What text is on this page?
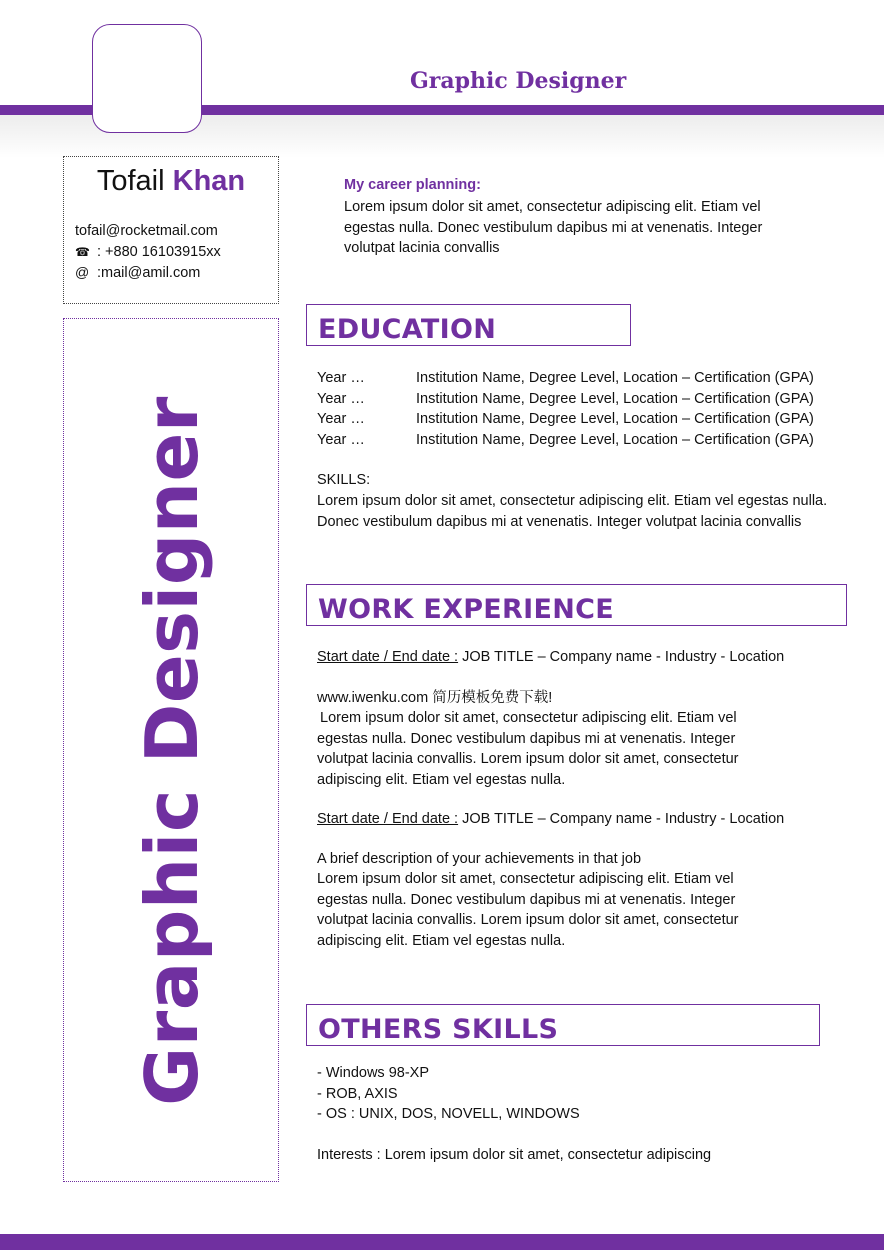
Graphic Designer
Tofail Khan
tofail@rocketmail.com
☎ : +880 16103915xx
@ :mail@amil.com
Graphic Designer
My career planning:
Lorem ipsum dolor sit amet, consectetur adipiscing elit. Etiam vel egestas nulla. Donec vestibulum dapibus mi at venenatis. Integer volutpat lacinia convallis
EDUCATION
Year …	Institution Name, Degree Level, Location – Certification (GPA)
Year …	Institution Name, Degree Level, Location – Certification (GPA)
Year …	Institution Name, Degree Level, Location – Certification (GPA)
Year …	Institution Name, Degree Level, Location – Certification (GPA)
SKILLS:
Lorem ipsum dolor sit amet, consectetur adipiscing elit. Etiam vel egestas nulla. Donec vestibulum dapibus mi at venenatis. Integer volutpat lacinia convallis
WORK EXPERIENCE
Start date / End date : JOB TITLE – Company name - Industry - Location
www.iwenku.com 简历模板免费下载!
Lorem ipsum dolor sit amet, consectetur adipiscing elit. Etiam vel egestas nulla. Donec vestibulum dapibus mi at venenatis. Integer volutpat lacinia convallis. Lorem ipsum dolor sit amet, consectetur adipiscing elit. Etiam vel egestas nulla.
Start date / End date : JOB TITLE – Company name - Industry - Location
A brief description of your achievements in that job
Lorem ipsum dolor sit amet, consectetur adipiscing elit. Etiam vel egestas nulla. Donec vestibulum dapibus mi at venenatis. Integer volutpat lacinia convallis. Lorem ipsum dolor sit amet, consectetur adipiscing elit. Etiam vel egestas nulla.
OTHERS SKILLS
- Windows 98-XP
- ROB, AXIS
- OS : UNIX, DOS, NOVELL, WINDOWS
Interests : Lorem ipsum dolor sit amet, consectetur adipiscing
